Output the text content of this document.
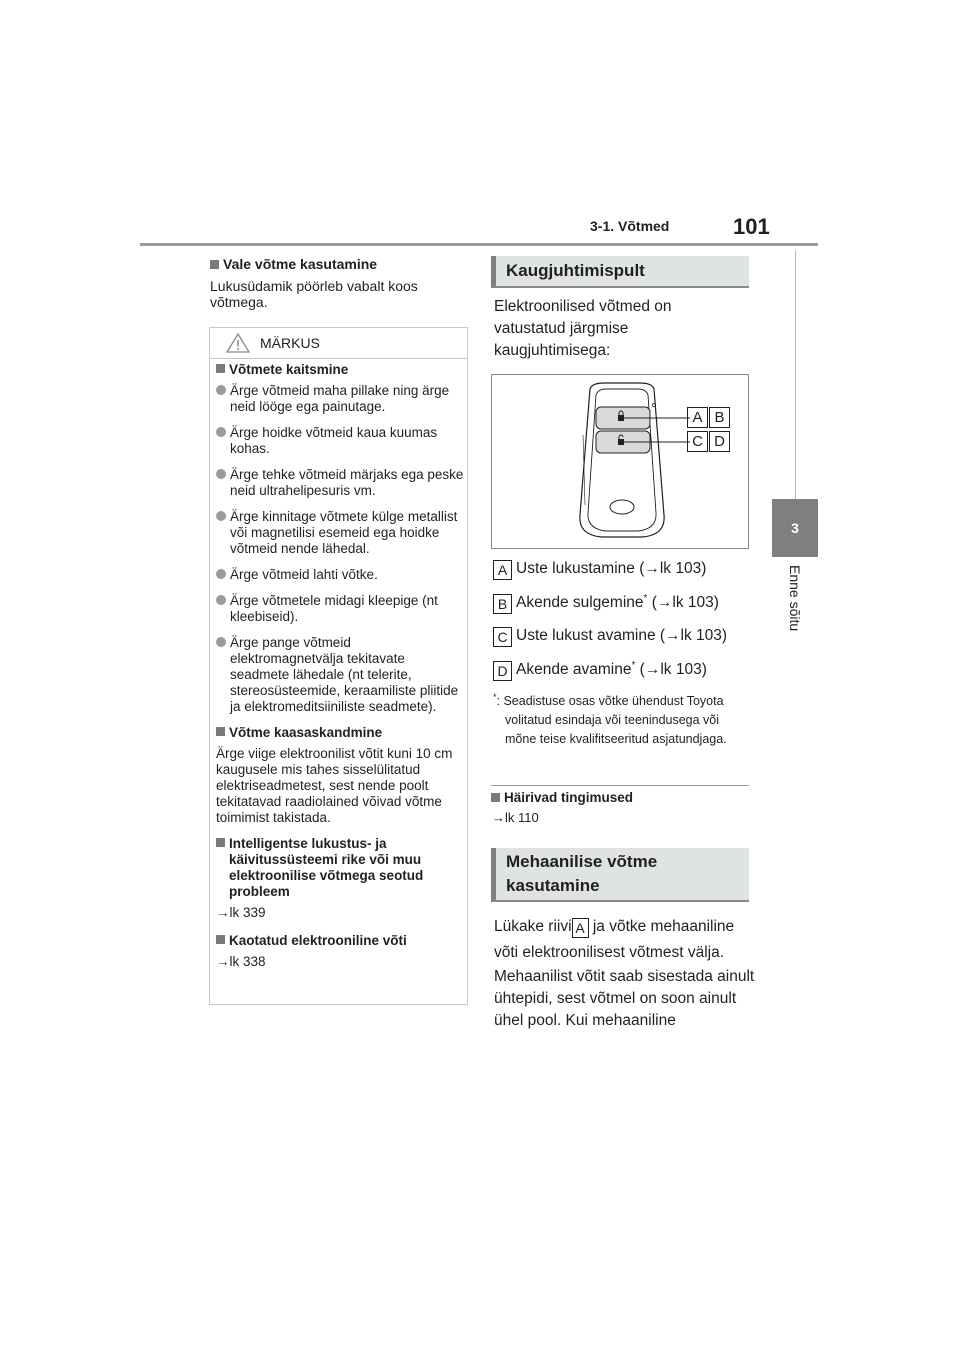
3-1. Võtmed	101
3
Enne sõitu
Vale võtme kasutamine
Lukusüdamik pöörleb vabalt koos võtmega.
MÄRKUS
Võtmete kaitsmine
Ärge võtmeid maha pillake ning ärge neid lööge ega painutage.
Ärge hoidke võtmeid kaua kuumas kohas.
Ärge tehke võtmeid märjaks ega peske neid ultrahelipesuris vm.
Ärge kinnitage võtmete külge metallist või magnetilisi esemeid ega hoidke võtmeid nende lähedal.
Ärge võtmeid lahti võtke.
Ärge võtmetele midagi kleepige (nt kleebiseid).
Ärge pange võtmeid elektromagnetvälja tekitavate seadmete lähedale (nt telerite, stereosüsteemide, keraamiliste pliitide ja elektromeditsiiniliste seadmete).
Võtme kaasaskandmine
Ärge viige elektroonilist võtit kuni 10 cm kaugusele mis tahes sisselülitatud elektriseadmetest, sest nende poolt tekitatavad raadiolained võivad võtme toimimist takistada.
Intelligentse lukustus- ja käivitussüsteemi rike või muu elektroonilise võtmega seotud probleem
→lk 339
Kaotatud elektrooniline võti
→lk 338
Kaugjuhtimispult
Elektroonilised võtmed on vatustatud järgmise kaugjuhtimisega:
A B
C D
A Uste lukustamine (→lk 103)
B Akende sulgemine* (→lk 103)
C Uste lukust avamine (→lk 103)
D Akende avamine* (→lk 103)
*: Seadistuse osas võtke ühendust Toyota volitatud esindaja või teenindusega või mõne teise kvalifitseeritud asjatundjaga.
Häirivad tingimused
→lk 110
Mehaanilise võtme
kasutamine
Lükake riivi A ja võtke mehaaniline võti elektroonilisest võtmest välja.
Mehaanilist võtit saab sisestada ainult ühtepidi, sest võtmel on soon ainult ühel pool. Kui mehaaniline
